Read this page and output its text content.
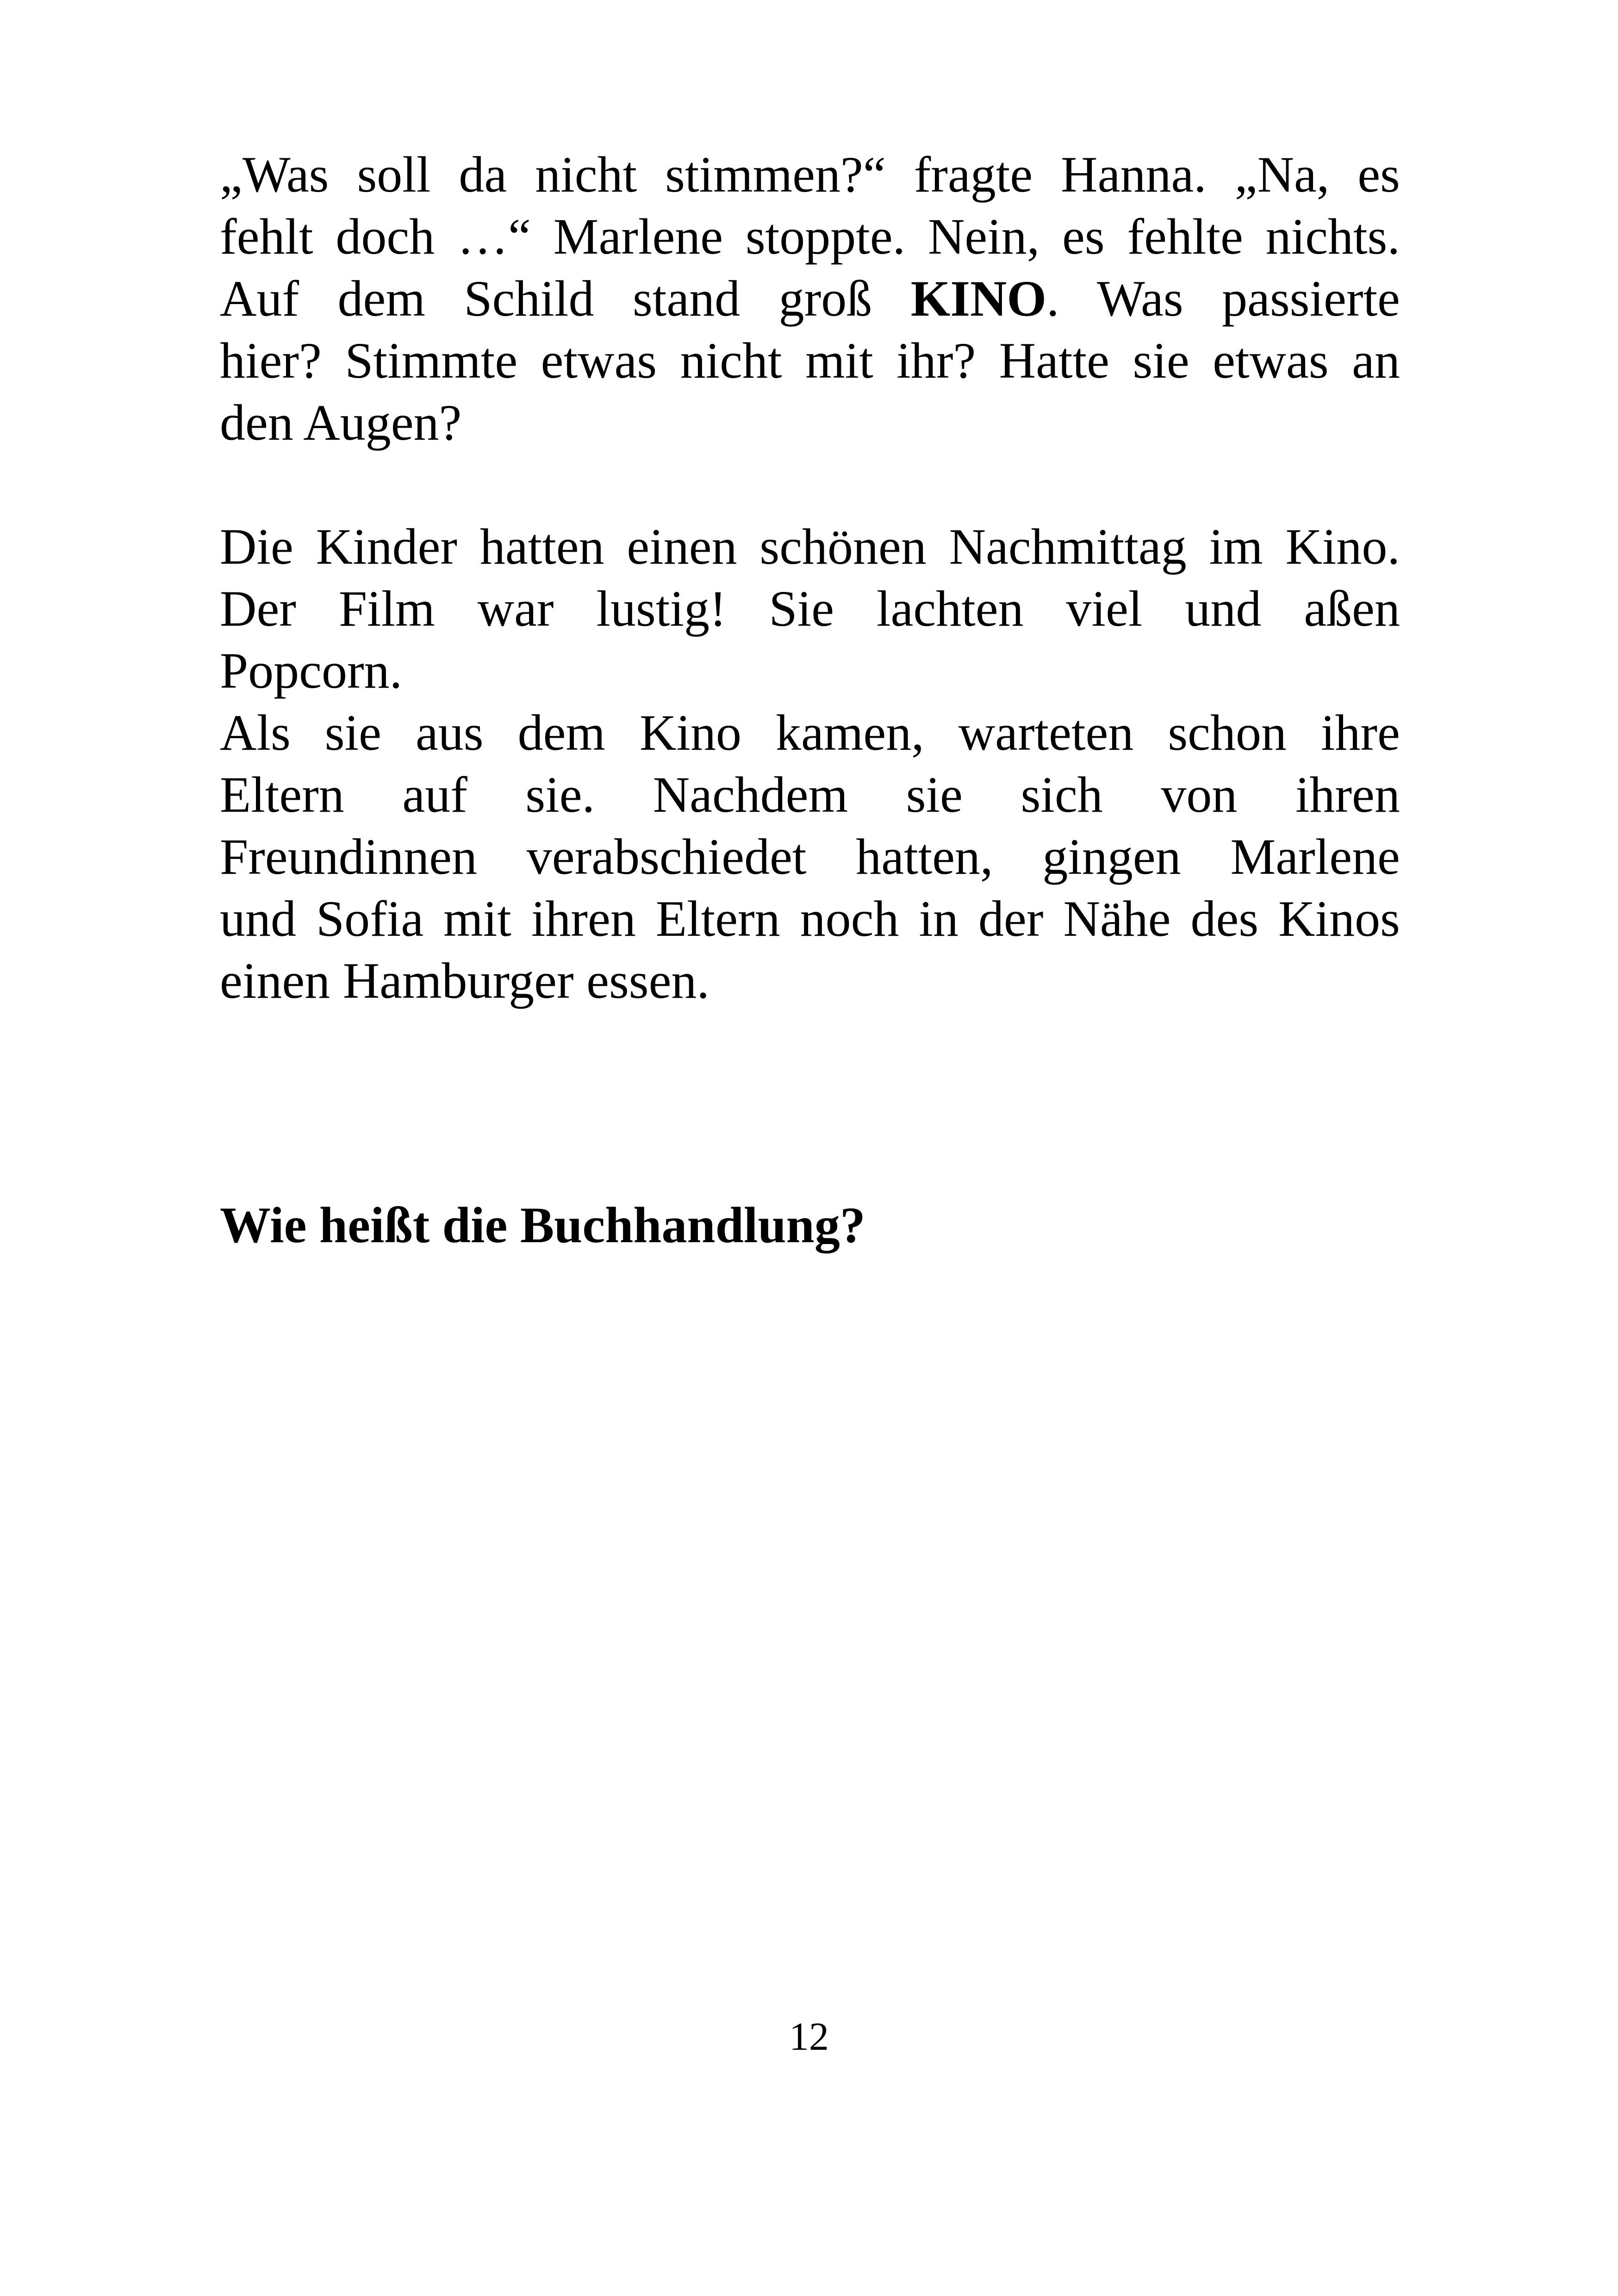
„Was soll da nicht stimmen?“ fragte Hanna. „Na, es
fehlt doch …“ Marlene stoppte. Nein, es fehlte nichts.
Auf dem Schild stand groß KINO. Was passierte
hier? Stimmte etwas nicht mit ihr? Hatte sie etwas an
den Augen?
Die Kinder hatten einen schönen Nachmittag im Kino.
Der Film war lustig! Sie lachten viel und aßen
Popcorn.
Als sie aus dem Kino kamen, warteten schon ihre
Eltern auf sie. Nachdem sie sich von ihren
Freundinnen verabschiedet hatten, gingen Marlene
und Sofia mit ihren Eltern noch in der Nähe des Kinos
einen Hamburger essen.
Wie heißt die Buchhandlung?
12
